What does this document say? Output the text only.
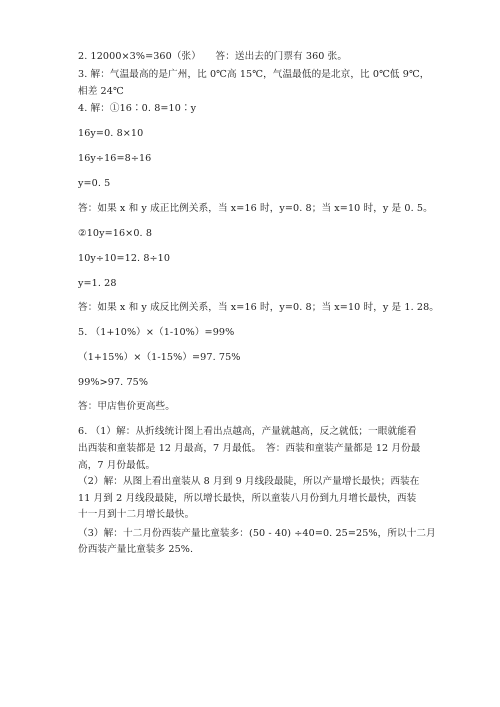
2. 12000×3%=360（张）　　答：送出去的门票有 360 张。
3. 解：气温最高的是广州，比 0℃高 15℃，气温最低的是北京，比 0℃低 9℃，
相差 24℃
4. 解：①16∶0. 8=10∶y
16y=0. 8×10
16y÷16=8÷16
y=0. 5
答：如果 x 和 y 成正比例关系，当 x=16 时，y=0. 8；当 x=10 时，y 是 0. 5。
②10y=16×0. 8
10y÷10=12. 8÷10
y=1. 28
答：如果 x 和 y 成反比例关系，当 x=16 时，y=0. 8；当 x=10 时，y 是 1. 28。
5. （1+10%）×（1-10%）=99%
（1+15%）×（1-15%）=97. 75%
99%>97. 75%
答：甲店售价更高些。
6. （1）解：从折线统计图上看出点越高，产量就越高，反之就低；一眼就能看
出西装和童装都是 12 月最高，7 月最低。　答：西装和童装产量都是 12 月份最
高，7 月份最低。
（2）解：从图上看出童装从 8 月到 9 月线段最陡，所以产量增长最快；西装在
11 月到 2 月线段最陡，所以增长最快，所以童装八月份到九月增长最快，西装
十一月到十二月增长最快。
（3）解：十二月份西装产量比童装多：(50 - 40) ÷40=0. 25=25%，所以十二月
份西装产量比童装多 25%.
